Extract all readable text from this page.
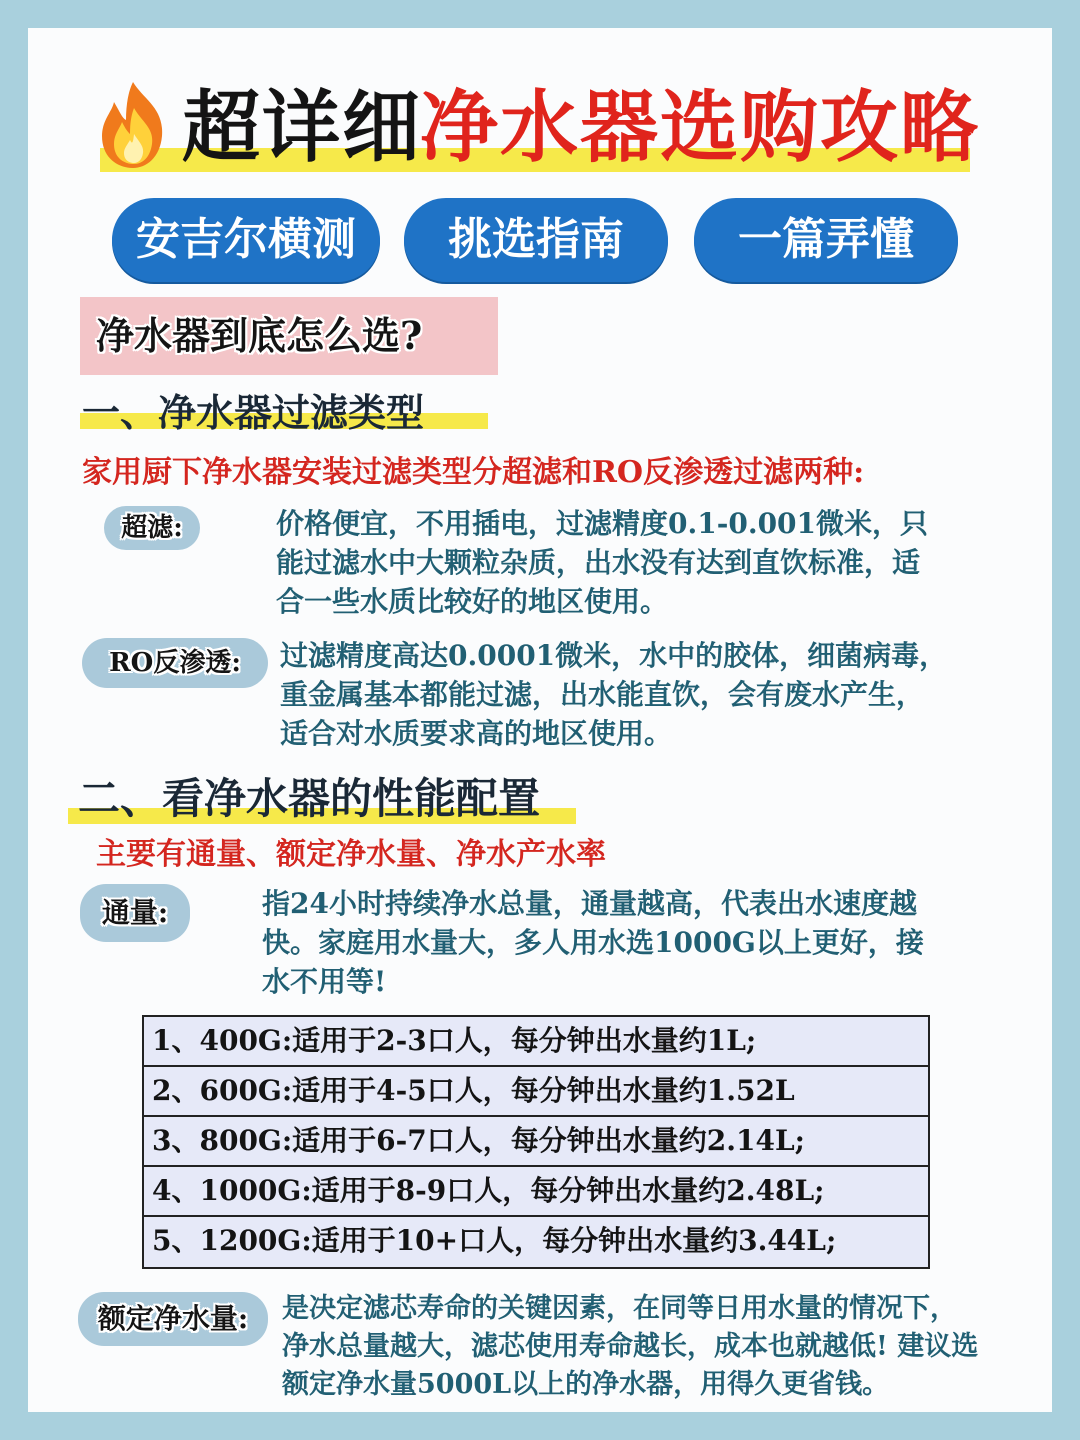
超详细
净水器选购攻略
安吉尔横测	挑选指南	一篇弄懂
净水器到底怎么选?
一、净水器过滤类型
家用厨下净水器安装过滤类型分超滤和RO反渗透过滤两种:
超滤:	价格便宜，不用插电，过滤精度0.1-0.001微米，只
能过滤水中大颗粒杂质，出水没有达到直饮标准，适
合一些水质比较好的地区使用。
RO反渗透:	过滤精度高达0.0001微米，水中的胶体，细菌病毒，
重金属基本都能过滤，出水能直饮，会有废水产生，
适合对水质要求高的地区使用。
二、看净水器的性能配置
主要有通量、额定净水量、净水产水率
通量:	指24小时持续净水总量，通量越高，代表出水速度越
快。家庭用水量大，多人用水选1000G以上更好，接
水不用等!
1、400G:适用于2-3口人，每分钟出水量约1L;
2、600G:适用于4-5口人，每分钟出水量约1.52L
3、800G:适用于6-7口人，每分钟出水量约2.14L;
4、1000G:适用于8-9口人，每分钟出水量约2.48L;
5、1200G:适用于10+口人，每分钟出水量约3.44L;
额定净水量:	是决定滤芯寿命的关键因素，在同等日用水量的情况下，
净水总量越大，滤芯使用寿命越长，成本也就越低! 建议选
额定净水量5000L以上的净水器，用得久更省钱。
